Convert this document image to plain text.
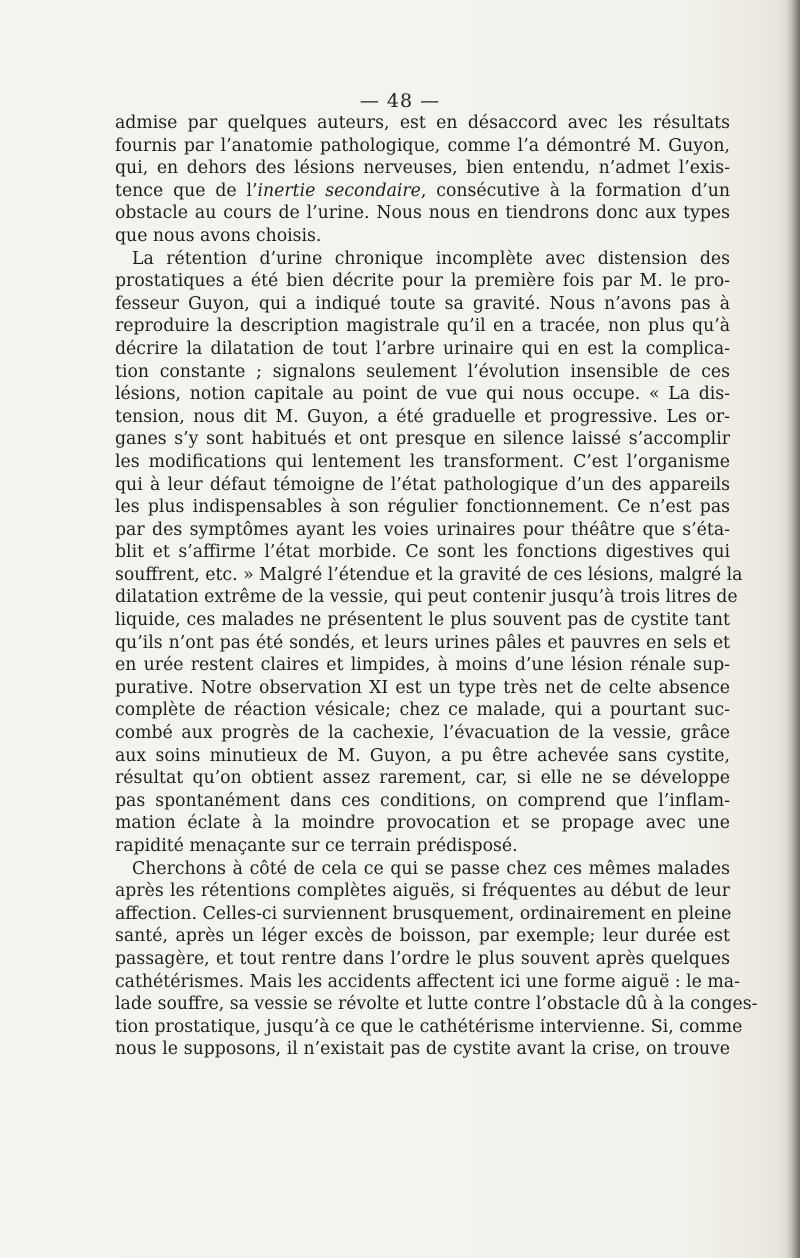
— 48 —
admise par quelques auteurs, est en désaccord avec les résultats
fournis par l’anatomie pathologique, comme l’a démontré M. Guyon,
qui, en dehors des lésions nerveuses, bien entendu, n’admet l’exis-
tence que de l’inertie secondaire, consécutive à la formation d’un
obstacle au cours de l’urine. Nous nous en tiendrons donc aux types
que nous avons choisis.
La rétention d’urine chronique incomplète avec distension des
prostatiques a été bien décrite pour la première fois par M. le pro-
fesseur Guyon, qui a indiqué toute sa gravité. Nous n’avons pas à
reproduire la description magistrale qu’il en a tracée, non plus qu’à
décrire la dilatation de tout l’arbre urinaire qui en est la complica-
tion constante ; signalons seulement l’évolution insensible de ces
lésions, notion capitale au point de vue qui nous occupe. « La dis-
tension, nous dit M. Guyon, a été graduelle et progressive. Les or-
ganes s’y sont habitués et ont presque en silence laissé s’accomplir
les modifications qui lentement les transforment. C’est l’organisme
qui à leur défaut témoigne de l’état pathologique d’un des appareils
les plus indispensables à son régulier fonctionnement. Ce n’est pas
par des symptômes ayant les voies urinaires pour théâtre que s’éta-
blit et s’affirme l’état morbide. Ce sont les fonctions digestives qui
souffrent, etc. » Malgré l’étendue et la gravité de ces lésions, malgré la
dilatation extrême de la vessie, qui peut contenir jusqu’à trois litres de
liquide, ces malades ne présentent le plus souvent pas de cystite tant
qu’ils n’ont pas été sondés, et leurs urines pâles et pauvres en sels et
en urée restent claires et limpides, à moins d’une lésion rénale sup-
purative. Notre observation XI est un type très net de celte absence
complète de réaction vésicale; chez ce malade, qui a pourtant suc-
combé aux progrès de la cachexie, l’évacuation de la vessie, grâce
aux soins minutieux de M. Guyon, a pu être achevée sans cystite,
résultat qu’on obtient assez rarement, car, si elle ne se développe
pas spontanément dans ces conditions, on comprend que l’inflam-
mation éclate à la moindre provocation et se propage avec une
rapidité menaçante sur ce terrain prédisposé.
Cherchons à côté de cela ce qui se passe chez ces mêmes malades
après les rétentions complètes aiguës, si fréquentes au début de leur
affection. Celles-ci surviennent brusquement, ordinairement en pleine
santé, après un léger excès de boisson, par exemple; leur durée est
passagère, et tout rentre dans l’ordre le plus souvent après quelques
cathétérismes. Mais les accidents affectent ici une forme aiguë : le ma-
lade souffre, sa vessie se révolte et lutte contre l’obstacle dû à la conges-
tion prostatique, jusqu’à ce que le cathétérisme intervienne. Si, comme
nous le supposons, il n’existait pas de cystite avant la crise, on trouve
